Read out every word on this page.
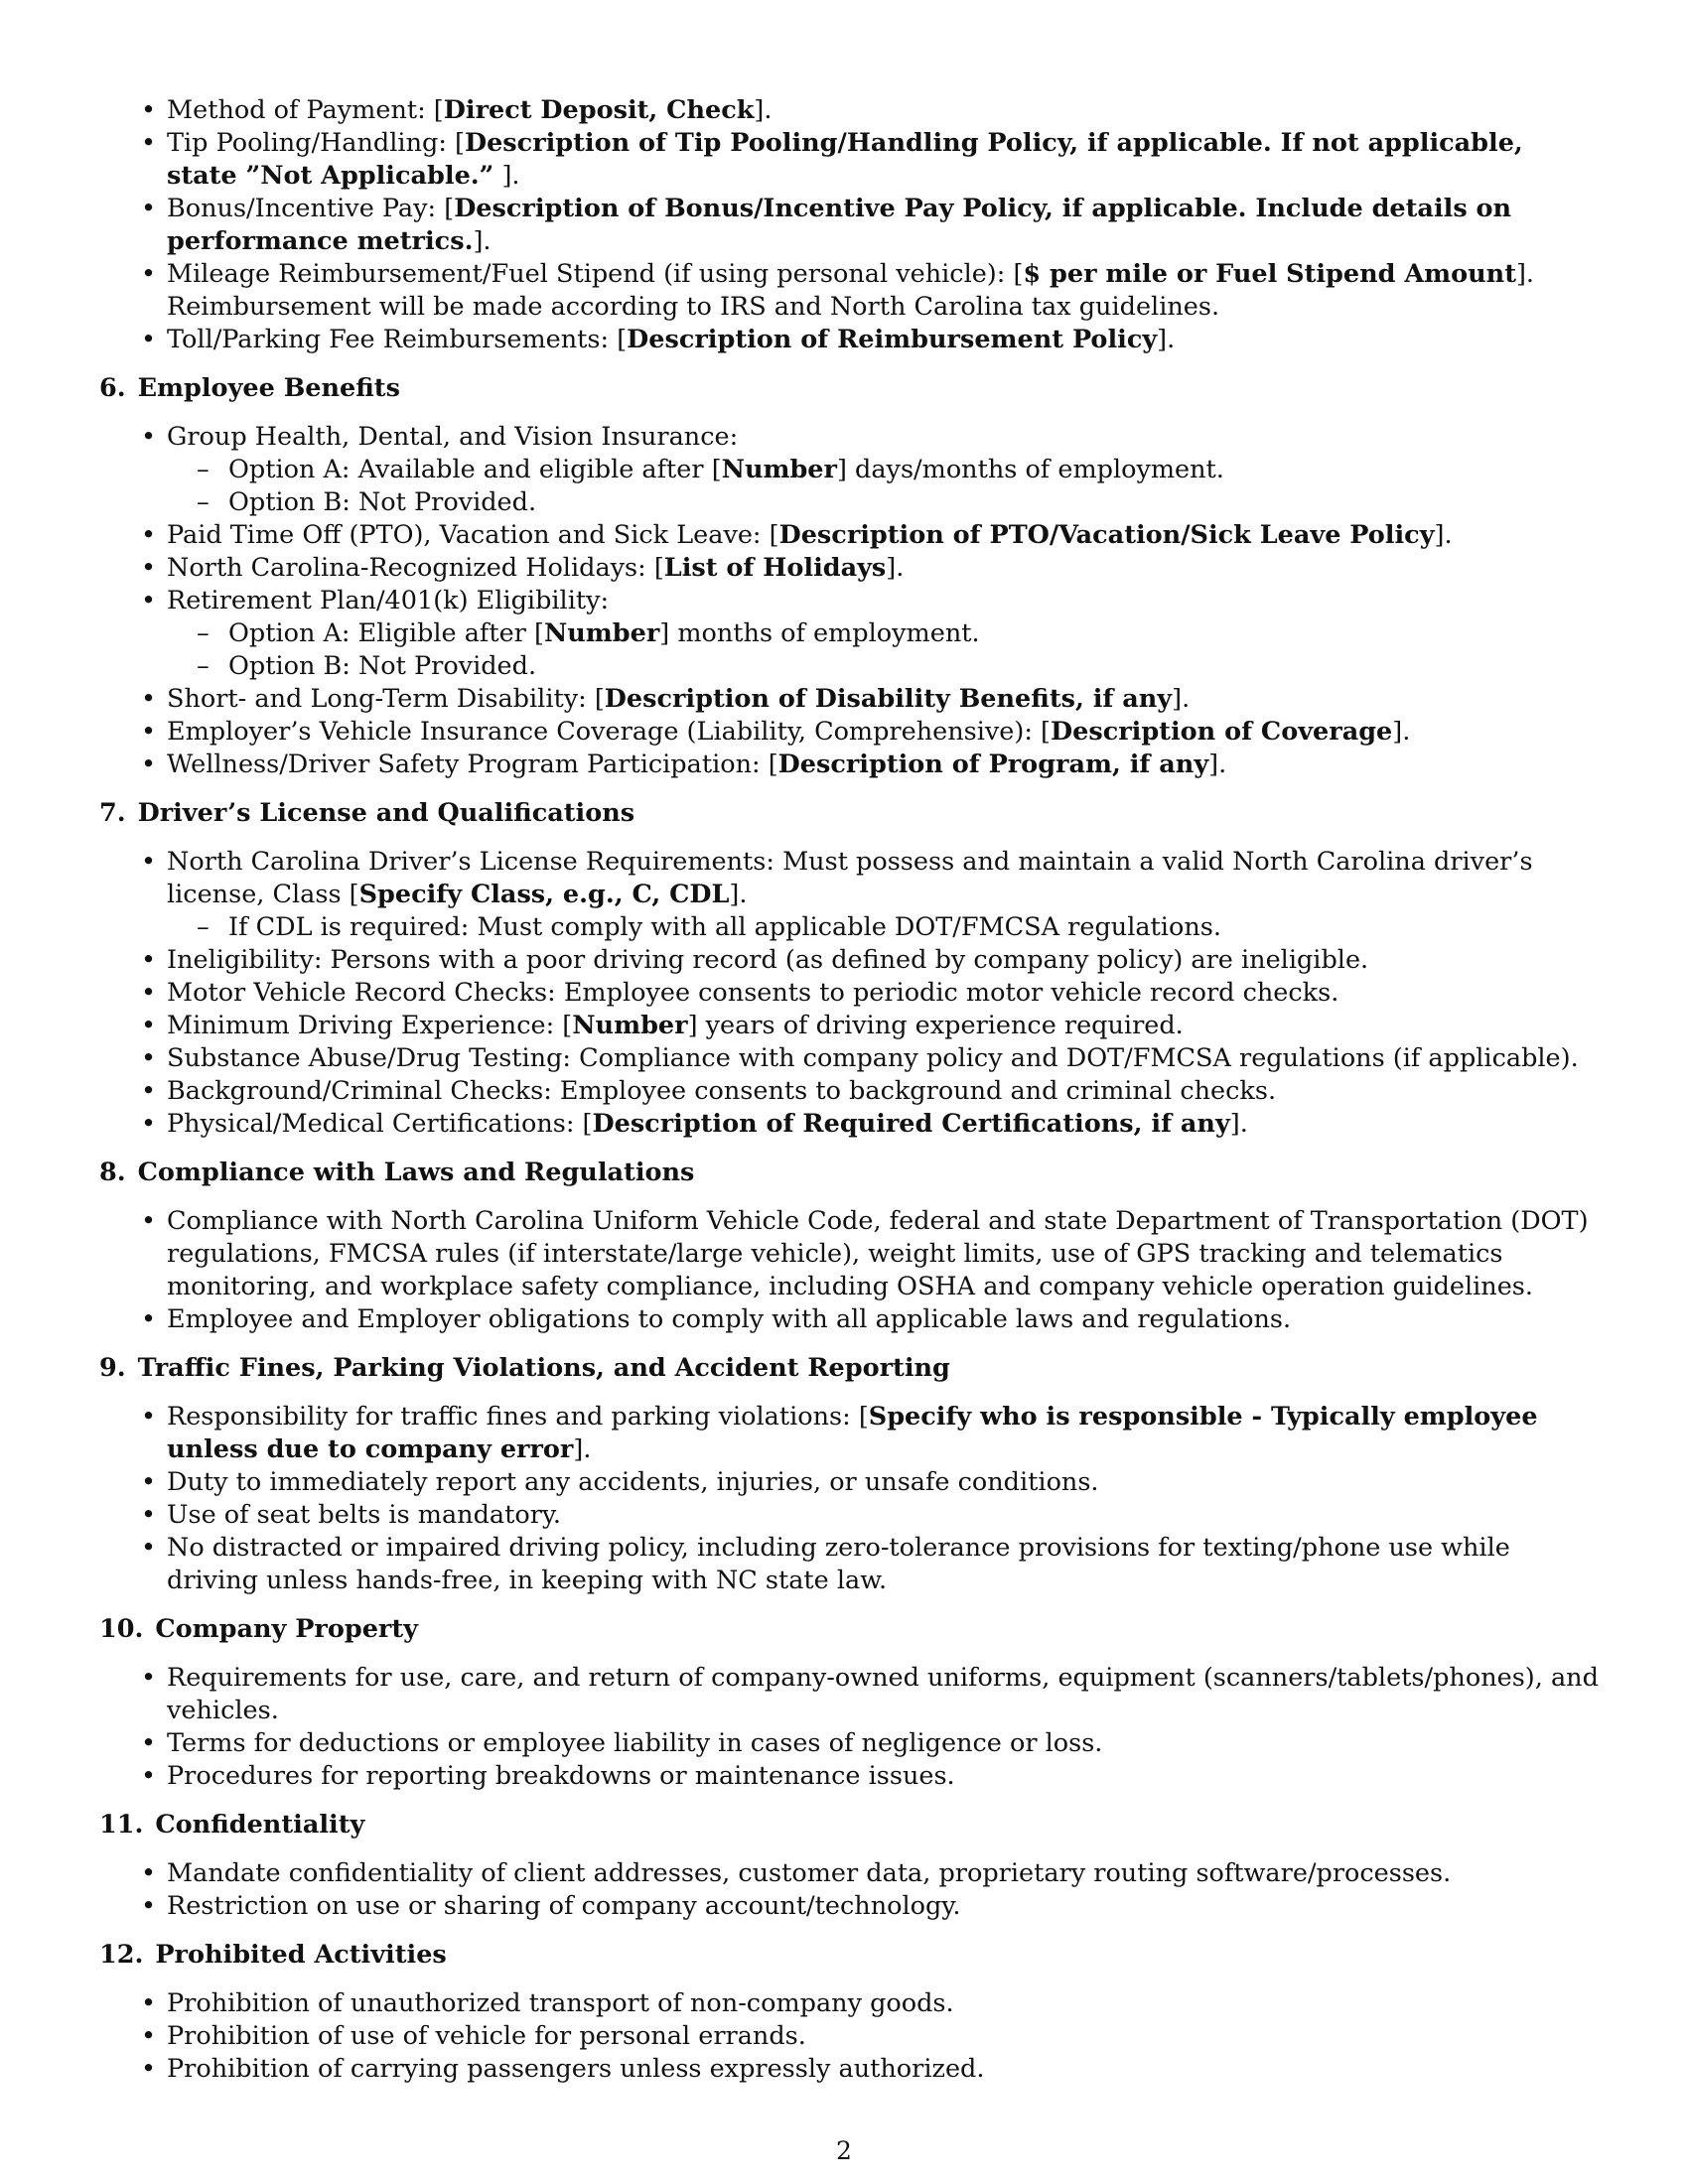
• Method of Payment: [Direct Deposit, Check].
• Tip Pooling/Handling: [Description of Tip Pooling/Handling Policy, if applicable. If not applicable, state ”Not Applicable.” ].
• Bonus/Incentive Pay: [Description of Bonus/Incentive Pay Policy, if applicable. Include details on performance metrics.].
• Mileage Reimbursement/Fuel Stipend (if using personal vehicle): [$ per mile or Fuel Stipend Amount]. Reimbursement will be made according to IRS and North Carolina tax guidelines.
• Toll/Parking Fee Reimbursements: [Description of Reimbursement Policy].
6. Employee Benefits
• Group Health, Dental, and Vision Insurance:
– Option A: Available and eligible after [Number] days/months of employment.
– Option B: Not Provided.
• Paid Time Off (PTO), Vacation and Sick Leave: [Description of PTO/Vacation/Sick Leave Policy].
• North Carolina-Recognized Holidays: [List of Holidays].
• Retirement Plan/401(k) Eligibility:
– Option A: Eligible after [Number] months of employment.
– Option B: Not Provided.
• Short- and Long-Term Disability: [Description of Disability Benefits, if any].
• Employer’s Vehicle Insurance Coverage (Liability, Comprehensive): [Description of Coverage].
• Wellness/Driver Safety Program Participation: [Description of Program, if any].
7. Driver’s License and Qualifications
• North Carolina Driver’s License Requirements: Must possess and maintain a valid North Carolina driver’s license, Class [Specify Class, e.g., C, CDL].
– If CDL is required: Must comply with all applicable DOT/FMCSA regulations.
• Ineligibility: Persons with a poor driving record (as defined by company policy) are ineligible.
• Motor Vehicle Record Checks: Employee consents to periodic motor vehicle record checks.
• Minimum Driving Experience: [Number] years of driving experience required.
• Substance Abuse/Drug Testing: Compliance with company policy and DOT/FMCSA regulations (if applicable).
• Background/Criminal Checks: Employee consents to background and criminal checks.
• Physical/Medical Certifications: [Description of Required Certifications, if any].
8. Compliance with Laws and Regulations
• Compliance with North Carolina Uniform Vehicle Code, federal and state Department of Transportation (DOT) regulations, FMCSA rules (if interstate/large vehicle), weight limits, use of GPS tracking and telematics monitoring, and workplace safety compliance, including OSHA and company vehicle operation guidelines.
• Employee and Employer obligations to comply with all applicable laws and regulations.
9. Traffic Fines, Parking Violations, and Accident Reporting
• Responsibility for traffic fines and parking violations: [Specify who is responsible - Typically employee unless due to company error].
• Duty to immediately report any accidents, injuries, or unsafe conditions.
• Use of seat belts is mandatory.
• No distracted or impaired driving policy, including zero-tolerance provisions for texting/phone use while driving unless hands-free, in keeping with NC state law.
10. Company Property
• Requirements for use, care, and return of company-owned uniforms, equipment (scanners/tablets/phones), and vehicles.
• Terms for deductions or employee liability in cases of negligence or loss.
• Procedures for reporting breakdowns or maintenance issues.
11. Confidentiality
• Mandate confidentiality of client addresses, customer data, proprietary routing software/processes.
• Restriction on use or sharing of company account/technology.
12. Prohibited Activities
• Prohibition of unauthorized transport of non-company goods.
• Prohibition of use of vehicle for personal errands.
• Prohibition of carrying passengers unless expressly authorized.
2
